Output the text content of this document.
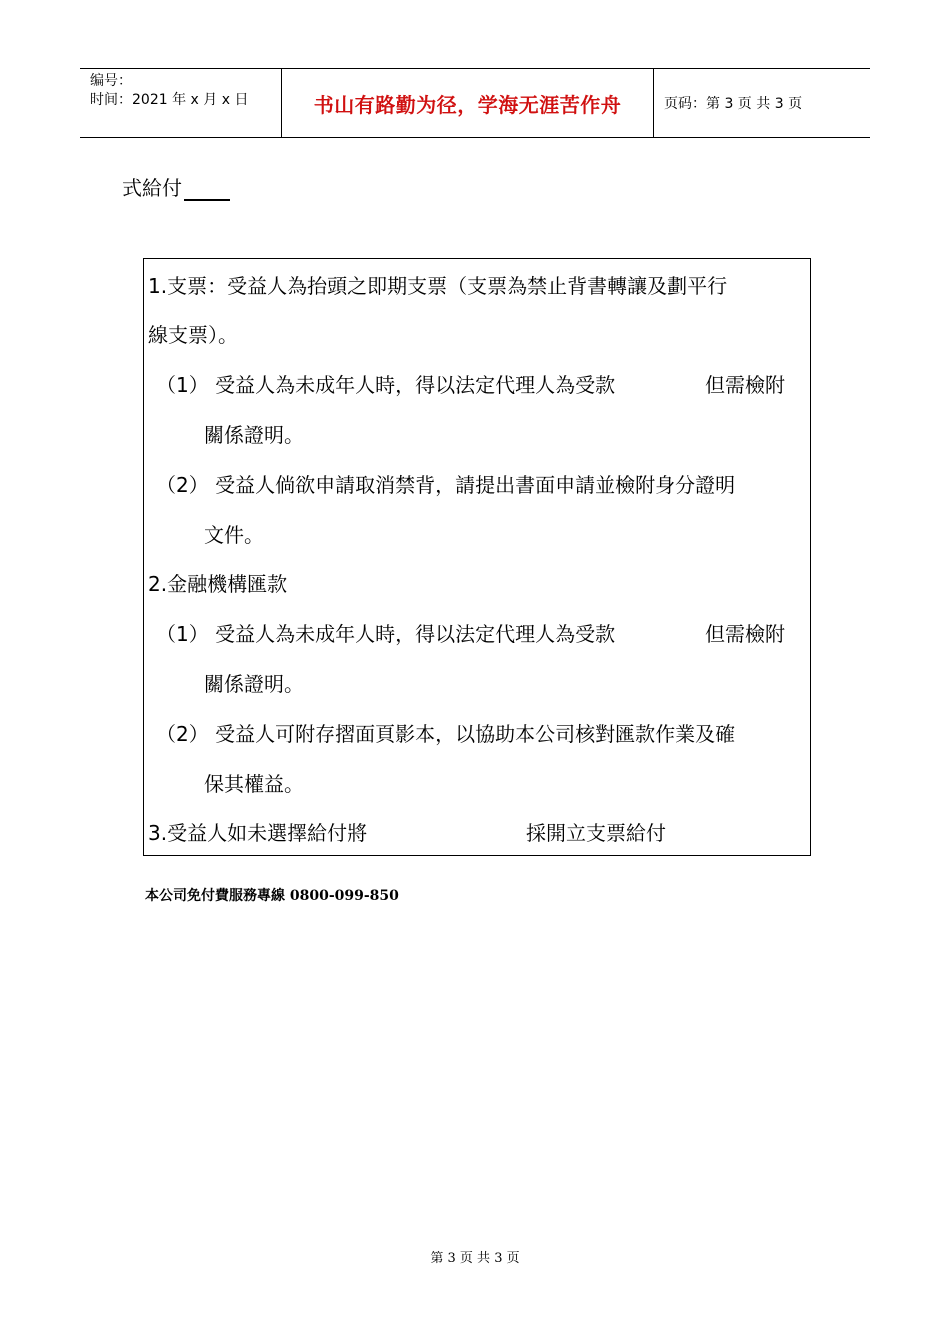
编号：
时间：2021 年 x 月 x 日	书山有路勤为径，学海无涯苦作舟	页码：第 3 页 共 3 页
式給付
1.支票：受益人為抬頭之即期支票（支票為禁止背書轉讓及劃平行
線支票）。
（1） 受益人為未成年人時，得以法定代理人為受款	但需檢附
關係證明。
（2） 受益人倘欲申請取消禁背，請提出書面申請並檢附身分證明
文件。
2.金融機構匯款
（1） 受益人為未成年人時，得以法定代理人為受款	但需檢附
關係證明。
（2） 受益人可附存摺面頁影本，以協助本公司核對匯款作業及確
保其權益。
3.受益人如未選擇給付將	採開立支票給付
本公司免付費服務專線 0800-099-850
第 3 页 共 3 页
